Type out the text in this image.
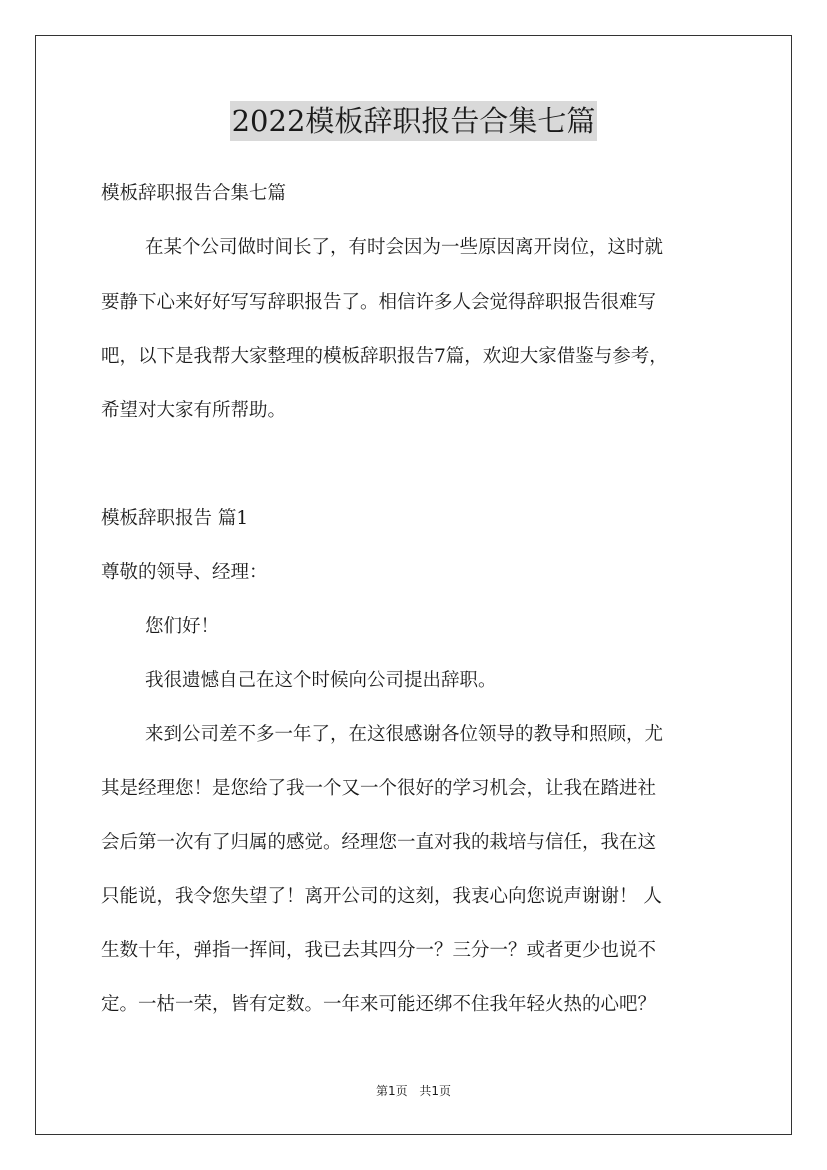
2022模板辞职报告合集七篇
模板辞职报告合集七篇
在某个公司做时间长了，有时会因为一些原因离开岗位，这时就
要静下心来好好写写辞职报告了。相信许多人会觉得辞职报告很难写
吧，以下是我帮大家整理的模板辞职报告7篇，欢迎大家借鉴与参考，
希望对大家有所帮助。
模板辞职报告 篇1
尊敬的领导、经理：
您们好！
我很遗憾自己在这个时候向公司提出辞职。
来到公司差不多一年了，在这很感谢各位领导的教导和照顾，尤
其是经理您！是您给了我一个又一个很好的学习机会，让我在踏进社
会后第一次有了归属的感觉。经理您一直对我的栽培与信任，我在这
只能说，我令您失望了！离开公司的这刻，我衷心向您说声谢谢！ 人
生数十年，弹指一挥间，我已去其四分一？三分一？或者更少也说不
定。一枯一荣，皆有定数。一年来可能还绑不住我年轻火热的心吧？
第1页 共1页
